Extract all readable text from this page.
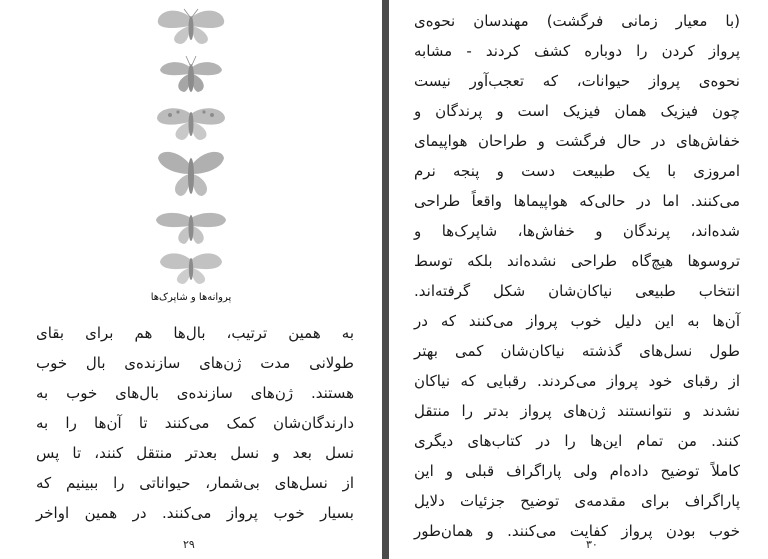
پروانه‌ها و شاپرک‌ها
به همین ترتیب، بال‌ها هم برای بقای
طولانی مدت ژن‌های سازنده‌ی بال خوب
هستند. ژن‌های سازنده‌ی بال‌های خوب به
دارندگان‌شان کمک می‌کنند تا آن‌ها را به
نسل بعد و نسل بعدتر منتقل کنند، تا پس
از نسل‌های بی‌شمار، حیواناتی را ببینیم که
بسیار خوب پرواز می‌کنند. در همین اواخر
۲۹
(با معیار زمانی فرگشت) مهندسان نحوه‌ی
پرواز کردن را دوباره کشف کردند - مشابه
نحوه‌ی پرواز حیوانات، که تعجب‌آور نیست
چون فیزیک همان فیزیک است و پرندگان و
خفاش‌های در حال فرگشت و طراحان هواپیمای
امروزی با یک طبیعت دست و پنجه نرم
می‌کنند. اما در حالی‌که هواپیماها واقعاً طراحی
شده‌اند، پرندگان و خفاش‌ها، شاپرک‌ها و
تروسوها هیچ‌گاه طراحی نشده‌اند بلکه توسط
انتخاب طبیعی نیاکان‌شان شکل گرفته‌اند.
آن‌ها به این دلیل خوب پرواز می‌کنند که در
طول نسل‌های گذشته نیاکان‌شان کمی بهتر
از رقبای خود پرواز می‌کردند. رقبایی که نیاکان
نشدند و نتوانستند ژن‌های پرواز بدتر را منتقل
کنند. من تمام این‌ها را در کتاب‌های دیگری
کاملاً توضیح داده‌ام ولی پاراگراف قبلی و این
پاراگراف برای مقدمه‌ی توضیح جزئیات دلایل
خوب بودن پرواز کفایت می‌کنند. و همان‌طور
۳۰
